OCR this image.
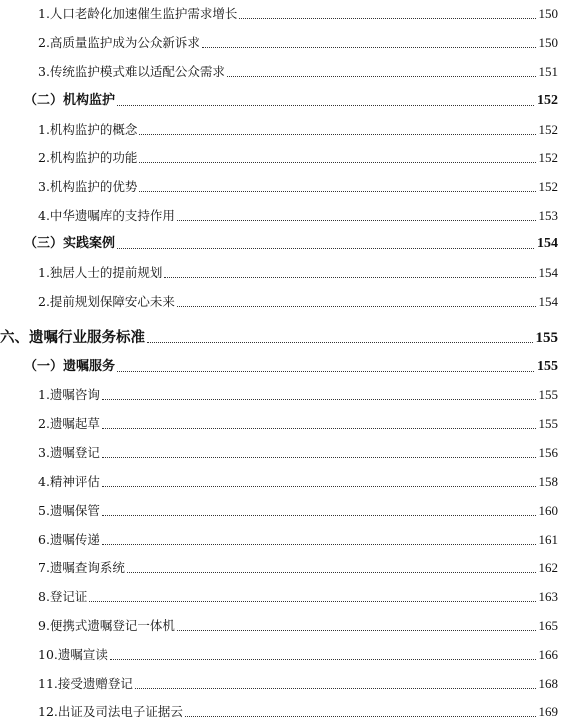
1.人口老龄化加速催生监护需求增长	150
2.高质量监护成为公众新诉求	150
3.传统监护模式难以适配公众需求	151
（二）机构监护	152
1.机构监护的概念	152
2.机构监护的功能	152
3.机构监护的优势	152
4.中华遗嘱库的支持作用	153
（三）实践案例	154
1.独居人士的提前规划	154
2.提前规划保障安心未来	154
六、遗嘱行业服务标准	155
（一）遗嘱服务	155
1.遗嘱咨询	155
2.遗嘱起草	155
3.遗嘱登记	156
4.精神评估	158
5.遗嘱保管	160
6.遗嘱传递	161
7.遗嘱查询系统	162
8.登记证	163
9.便携式遗嘱登记一体机	165
10.遗嘱宣读	166
11.接受遗赠登记	168
12.出证及司法电子证据云	169
